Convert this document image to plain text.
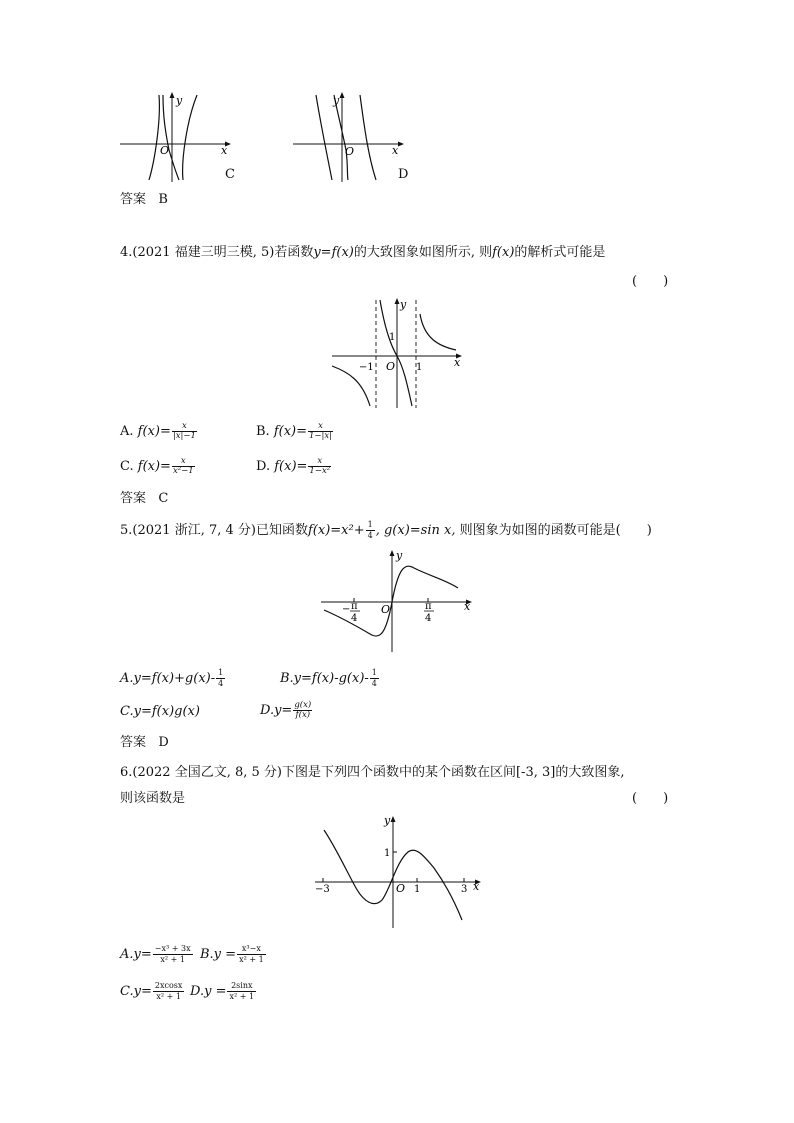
x
y
O
C
x
y
O
D
答案 B
4.(2021 福建三明三模, 5)若函数y=f(x)的大致图象如图所示, 则f(x)的解析式可能是
(　　)
y
x
O
1
−1	1
A. $f(x)= \frac{x}{|x|-1}$	B. $f(x)= \frac{x}{1-|x|}$
C. $f(x)= \frac{x}{\text{x²−1}}$	D. $f(x)= \frac{x}{\text{1−x²}}$
答案 C
5.(2021 浙江, 7, 4 分)已知函数$f(x)=x^2+ \frac{1}{4}$ , g(x)=sin x, 则图象为如图的函数可能是(　　)
y
x
O
− π
4
π
4
$A.y=f(x)+g(x)- \frac{1}{4}$	$B.y=f(x)-g(x)- \frac{1}{4}$
C.y=f(x)g(x)	$D.y= \frac{g(x)}{f(x)}$
答案 D
6.(2022 全国乙文, 8, 5 分)下图是下列四个函数中的某个函数在区间[-3, 3]的大致图象,
则该函数是	(　　)
y
x
O
1
1	3
−3
$A.y= \frac{\text{−x³ + 3x}}{\text{x² + 1}} B.y = \frac{\text{x³−x}}{\text{x² + 1}}$
$C.y= \frac{2xcosx}{\text{x² + 1}} D.y = \frac{2\sin x}{\text{x² + 1}}$
